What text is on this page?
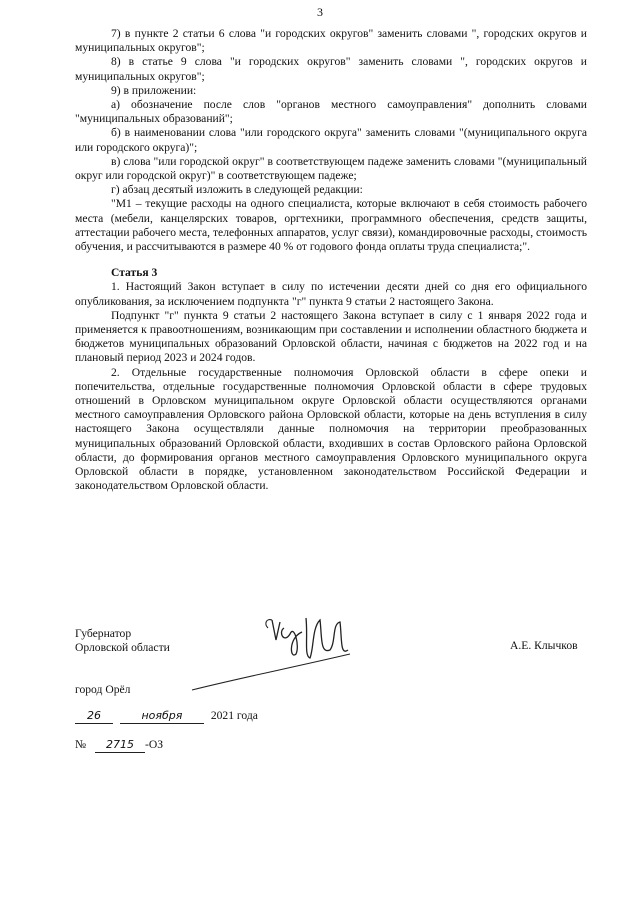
3

7) в пункте 2 статьи 6 слова "и городских округов" заменить словами ", городских округов и муниципальных округов";

8) в статье 9 слова "и городских округов" заменить словами ", городских округов и муниципальных округов";

9) в приложении:

а) обозначение после слов "органов местного самоуправления" дополнить словами "муниципальных образований";

б) в наименовании слова "или городского округа" заменить словами "(муниципального округа или городского округа)";

в) слова "или городской округ" в соответствующем падеже заменить словами "(муниципальный округ или городской округ)" в соответствующем падеже;

г) абзац десятый изложить в следующей редакции:

"М1 – текущие расходы на одного специалиста, которые включают в себя стоимость рабочего места (мебели, канцелярских товаров, оргтехники, программного обеспечения, средств защиты, аттестации рабочего места, телефонных аппаратов, услуг связи), командировочные расходы, стоимость обучения, и рассчитываются в размере 40 % от годового фонда оплаты труда специалиста;".

Статья 3

1. Настоящий Закон вступает в силу по истечении десяти дней со дня его официального опубликования, за исключением подпункта "г" пункта 9 статьи 2 настоящего Закона.

Подпункт "г" пункта 9 статьи 2 настоящего Закона вступает в силу с 1 января 2022 года и применяется к правоотношениям, возникающим при составлении и исполнении областного бюджета и бюджетов муниципальных образований Орловской области, начиная с бюджетов на 2022 год и на плановый период 2023 и 2024 годов.

2. Отдельные государственные полномочия Орловской области в сфере опеки и попечительства, отдельные государственные полномочия Орловской области в сфере трудовых отношений в Орловском муниципальном округе Орловской области осуществляются органами местного самоуправления Орловского района Орловской области, которые на день вступления в силу настоящего Закона осуществляли данные полномочия на территории преобразованных муниципальных образований Орловской области, входивших в состав Орловского района Орловской области, до формирования органов местного самоуправления Орловского муниципального округа Орловской области в порядке, установленном законодательством Российской Федерации и законодательством Орловской области.

Губернатор
Орловской области	А.Е. Клычков
город Орёл
26	ноября 2021 года
№ 2715 -ОЗ
